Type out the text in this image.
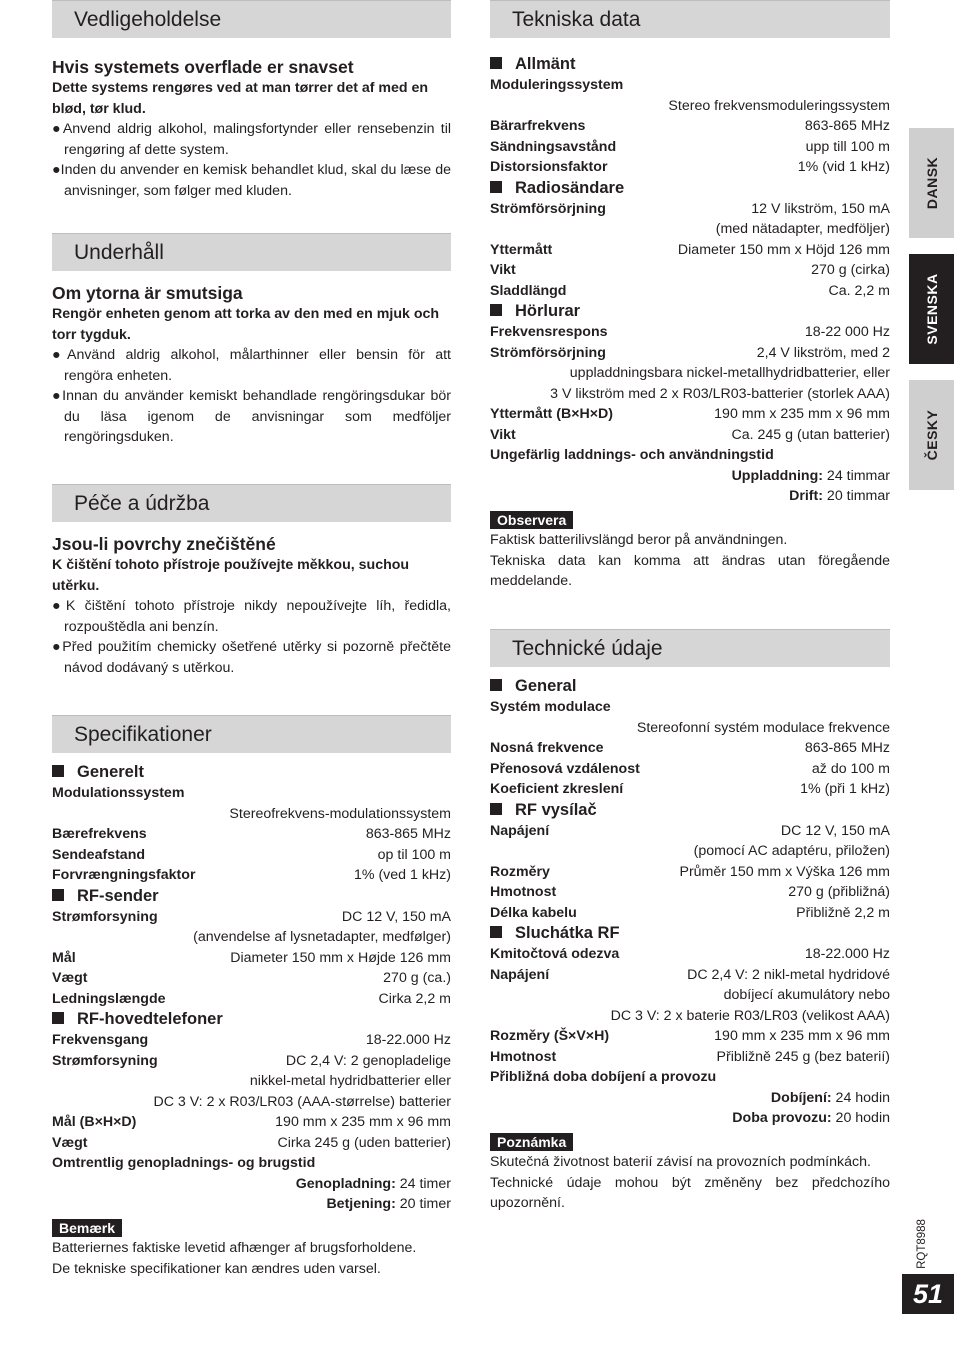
Vedligeholdelse
Hvis systemets overflade er snavset
Dette systems rengøres ved at man tørrer det af med en blød, tør klud.
●Anvend aldrig alkohol, malingsfortynder eller rensebenzin til rengøring af dette system.
●Inden du anvender en kemisk behandlet klud, skal du læse de anvisninger, som følger med kluden.
Underhåll
Om ytorna är smutsiga
Rengör enheten genom att torka av den med en mjuk och torr tygduk.
●Använd aldrig alkohol, målarthinner eller bensin för att rengöra enheten.
●Innan du använder kemiskt behandlade rengöringsdukar bör du läsa igenom de anvisningar som medföljer rengöringsduken.
Péče a údržba
Jsou-li povrchy znečištěné
K čištění tohoto přístroje používejte měkkou, suchou utěrku.
●K čištění tohoto přístroje nikdy nepoužívejte líh, ředidla, rozpouštědla ani benzín.
●Před použitím chemicky ošetřené utěrky si pozorně přečtěte návod dodávaný s utěrkou.
Specifikationer
Generelt
Modulationssystem
Stereofrekvens-modulationssystem
Bærefrekvens	863-865 MHz
Sendeafstand	op til 100 m
Forvrængningsfaktor	1% (ved 1 kHz)
RF-sender
Strømforsyning	DC 12 V, 150 mA
(anvendelse af lysnetadapter, medfølger)
Mål	Diameter 150 mm x Højde 126 mm
Vægt	270 g (ca.)
Ledningslængde	Cirka 2,2 m
RF-hovedtelefoner
Frekvensgang	18-22.000 Hz
Strømforsyning	DC 2,4 V: 2 genopladelige
nikkel-metal hydridbatterier eller
DC 3 V: 2 x R03/LR03 (AAA-størrelse) batterier
Mål (B×H×D)	190 mm x 235 mm x 96 mm
Vægt	Cirka 245 g (uden batterier)
Omtrentlig genopladnings- og brugstid
Genopladning: 24 timer
Betjening: 20 timer
Bemærk
Batteriernes faktiske levetid afhænger af brugsforholdene.
De tekniske specifikationer kan ændres uden varsel.
Tekniska data
Allmänt
Moduleringssystem
Stereo frekvensmoduleringssystem
Bärarfrekvens	863-865 MHz
Sändningsavstånd	upp till 100 m
Distorsionsfaktor	1% (vid 1 kHz)
Radiosändare
Strömförsörjning	12 V likström, 150 mA
(med nätadapter, medföljer)
Yttermått	Diameter 150 mm x Höjd 126 mm
Vikt	270 g (cirka)
Sladdlängd	Ca. 2,2 m
Hörlurar
Frekvensrespons	18-22 000 Hz
Strömförsörjning	2,4 V likström, med 2
uppladdningsbara nickel-metallhydridbatterier, eller
3 V likström med 2 x R03/LR03-batterier (storlek AAA)
Yttermått (B×H×D)	190 mm x 235 mm x 96 mm
Vikt	Ca. 245 g (utan batterier)
Ungefärlig laddnings- och användningstid
Uppladdning: 24 timmar
Drift: 20 timmar
Observera
Faktisk batterilivslängd beror på användningen.
Tekniska data kan komma att ändras utan föregående meddelande.
Technické údaje
General
Systém modulace
Stereofonní systém modulace frekvence
Nosná frekvence	863-865 MHz
Přenosová vzdálenost	až do 100 m
Koeficient zkreslení	1% (při 1 kHz)
RF vysílač
Napájení	DC 12 V, 150 mA
(pomocí AC adaptéru, přiložen)
Rozměry	Průměr 150 mm x Výška 126 mm
Hmotnost	270 g (přibližná)
Délka kabelu	Přibližně 2,2 m
Sluchátka RF
Kmitočtová odezva	18-22.000 Hz
Napájení	DC 2,4 V: 2 nikl-metal hydridové
dobíjecí akumulátory nebo
DC 3 V: 2 x baterie R03/LR03 (velikost AAA)
Rozměry (Š×V×H)	190 mm x 235 mm x 96 mm
Hmotnost	Přibližně 245 g (bez baterií)
Přibližná doba dobíjení a provozu
Dobíjení: 24 hodin
Doba provozu: 20 hodin
Poznámka
Skutečná životnost baterií závisí na provozních podmínkách.
Technické údaje mohou být změněny bez předchozího upozornění.
DANSK
SVENSKA
ČESKY
RQT8988
51
